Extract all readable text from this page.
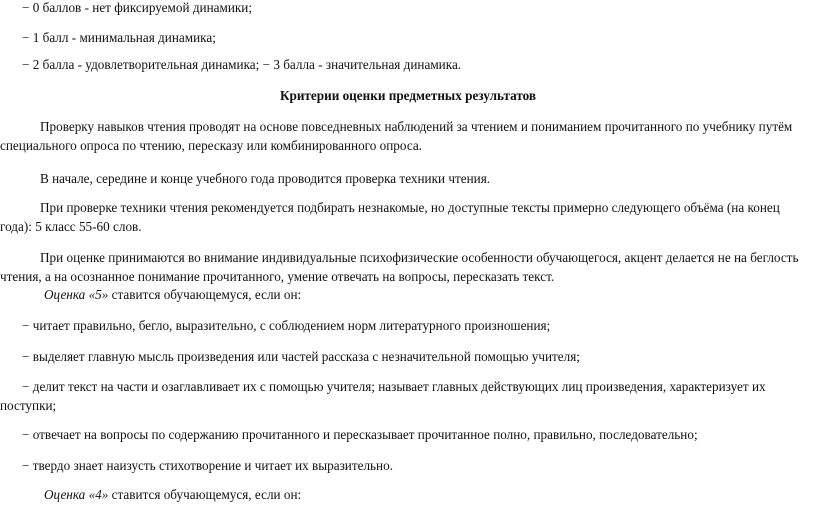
− 0 баллов - нет фиксируемой динамики;
− 1 балл - минимальная динамика;
− 2 балла - удовлетворительная динамика; − 3 балла - значительная динамика.
Критерии оценки предметных результатов
Проверку навыков чтения проводят на основе повседневных наблюдений за чтением и пониманием прочитанного по учебнику путём специального опроса по чтению, пересказу или комбинированного опроса.
В начале, середине и конце учебного года проводится проверка техники чтения.
При проверке техники чтения рекомендуется подбирать незнакомые, но доступные тексты примерно следующего объёма (на конец года): 5 класс 55-60 слов.
При оценке принимаются во внимание индивидуальные психофизические особенности обучающегося, акцент делается не на беглость чтения, а на осознанное понимание прочитанного, умение отвечать на вопросы, пересказать текст.
Оценка «5» ставится обучающемуся, если он:
− читает правильно, бегло, выразительно, с соблюдением норм литературного произношения;
− выделяет главную мысль произведения или частей рассказа с незначительной помощью учителя;
− делит текст на части и озаглавливает их с помощью учителя; называет главных действующих лиц произведения, характеризует их поступки;
− отвечает на вопросы по содержанию прочитанного и пересказывает прочитанное полно, правильно, последовательно;
− твердо знает наизусть стихотворение и читает их выразительно.
Оценка «4» ставится обучающемуся, если он:
